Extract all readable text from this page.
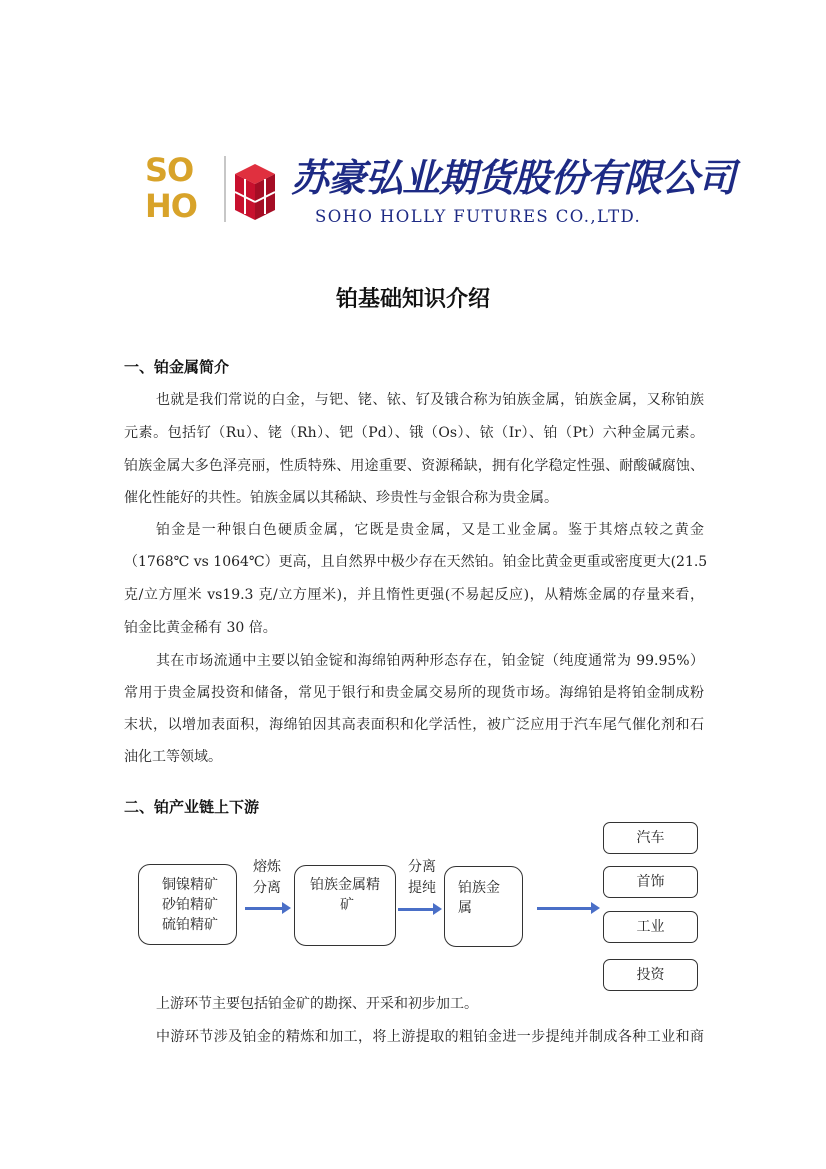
SO
HO
苏豪弘业期货股份有限公司
SOHO HOLLY FUTURES CO.,LTD.
铂基础知识介绍
一、铂金属简介

也就是我们常说的白金，与钯、铑、铱、钌及锇合称为铂族金属，铂族金属，又称铂族

元素。包括钌（Ru）、铑（Rh）、钯（Pd）、锇（Os）、铱（Ir）、铂（Pt）六种金属元素。

铂族金属大多色泽亮丽，性质特殊、用途重要、资源稀缺，拥有化学稳定性强、耐酸碱腐蚀、

催化性能好的共性。铂族金属以其稀缺、珍贵性与金银合称为贵金属。

铂金是一种银白色硬质金属，它既是贵金属，又是工业金属。鉴于其熔点较之黄金

（1768℃ vs 1064℃）更高，且自然界中极少存在天然铂。铂金比黄金更重或密度更大(21.5

克/立方厘米 vs19.3 克/立方厘米)，并且惰性更强(不易起反应)，从精炼金属的存量来看，

铂金比黄金稀有 30 倍。

其在市场流通中主要以铂金锭和海绵铂两种形态存在，铂金锭（纯度通常为 99.95%）

常用于贵金属投资和储备，常见于银行和贵金属交易所的现货市场。海绵铂是将铂金制成粉

末状，以增加表面积，海绵铂因其高表面积和化学活性，被广泛应用于汽车尾气催化剂和石

油化工等领域。

二、铂产业链上下游
铜镍精矿
砂铂精矿
硫铂精矿
熔炼
分离	铂族金属精
矿
分离
提纯	铂族金
属
汽车
首饰
工业
投资

上游环节主要包括铂金矿的勘探、开采和初步加工。

中游环节涉及铂金的精炼和加工，将上游提取的粗铂金进一步提纯并制成各种工业和商
